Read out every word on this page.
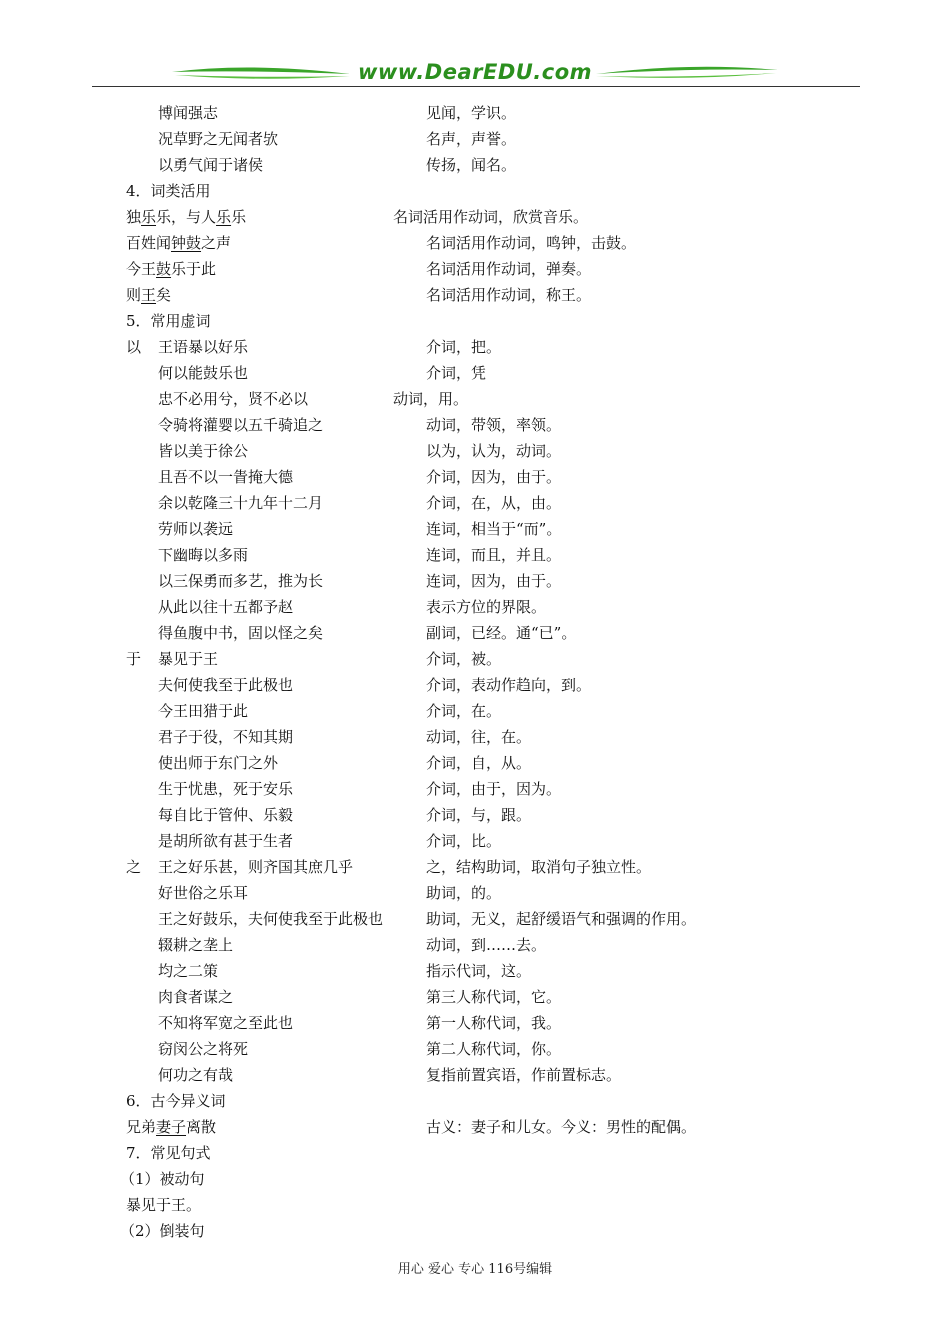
www.DearEDU.com
博闻强志	见闻，学识。
况草野之无闻者欤	名声，声誉。
以勇气闻于诸侯	传扬，闻名。
4．词类活用
独乐乐，与人乐乐	名词活用作动词，欣赏音乐。
百姓闻钟鼓之声	名词活用作动词，鸣钟，击鼓。
今王鼓乐于此	名词活用作动词，弹奏。
则王矣	名词活用作动词，称王。
5．常用虚词
以 王语暴以好乐	介词，把。
何以能鼓乐也	介词，凭
忠不必用兮，贤不必以	动词，用。
令骑将灌婴以五千骑追之	动词，带领，率领。
皆以美于徐公	以为，认为，动词。
且吾不以一眚掩大德	介词，因为，由于。
余以乾隆三十九年十二月	介词，在，从，由。
劳师以袭远	连词，相当于“而”。
下幽晦以多雨	连词，而且，并且。
以三保勇而多艺，推为长	连词，因为，由于。
从此以往十五都予赵	表示方位的界限。
得鱼腹中书，固以怪之矣	副词，已经。通“已”。
于 暴见于王	介词，被。
夫何使我至于此极也	介词，表动作趋向，到。
今王田猎于此	介词，在。
君子于役，不知其期	动词，往，在。
使出师于东门之外	介词，自，从。
生于忧患，死于安乐	介词，由于，因为。
每自比于管仲、乐毅	介词，与，跟。
是胡所欲有甚于生者	介词，比。
之 王之好乐甚，则齐国其庶几乎	之，结构助词，取消句子独立性。
好世俗之乐耳	助词，的。
王之好鼓乐，夫何使我至于此极也	助词，无义，起舒缓语气和强调的作用。
辍耕之垄上	动词，到……去。
均之二策	指示代词，这。
肉食者谋之	第三人称代词，它。
不知将军宽之至此也	第一人称代词，我。
窃闵公之将死	第二人称代词，你。
何功之有哉	复指前置宾语，作前置标志。
6．古今异义词
兄弟妻子离散	古义：妻子和儿女。今义：男性的配偶。
7．常见句式
（1）被动句
暴见于王。
（2）倒装句
用心 爱心 专心 116号编辑
